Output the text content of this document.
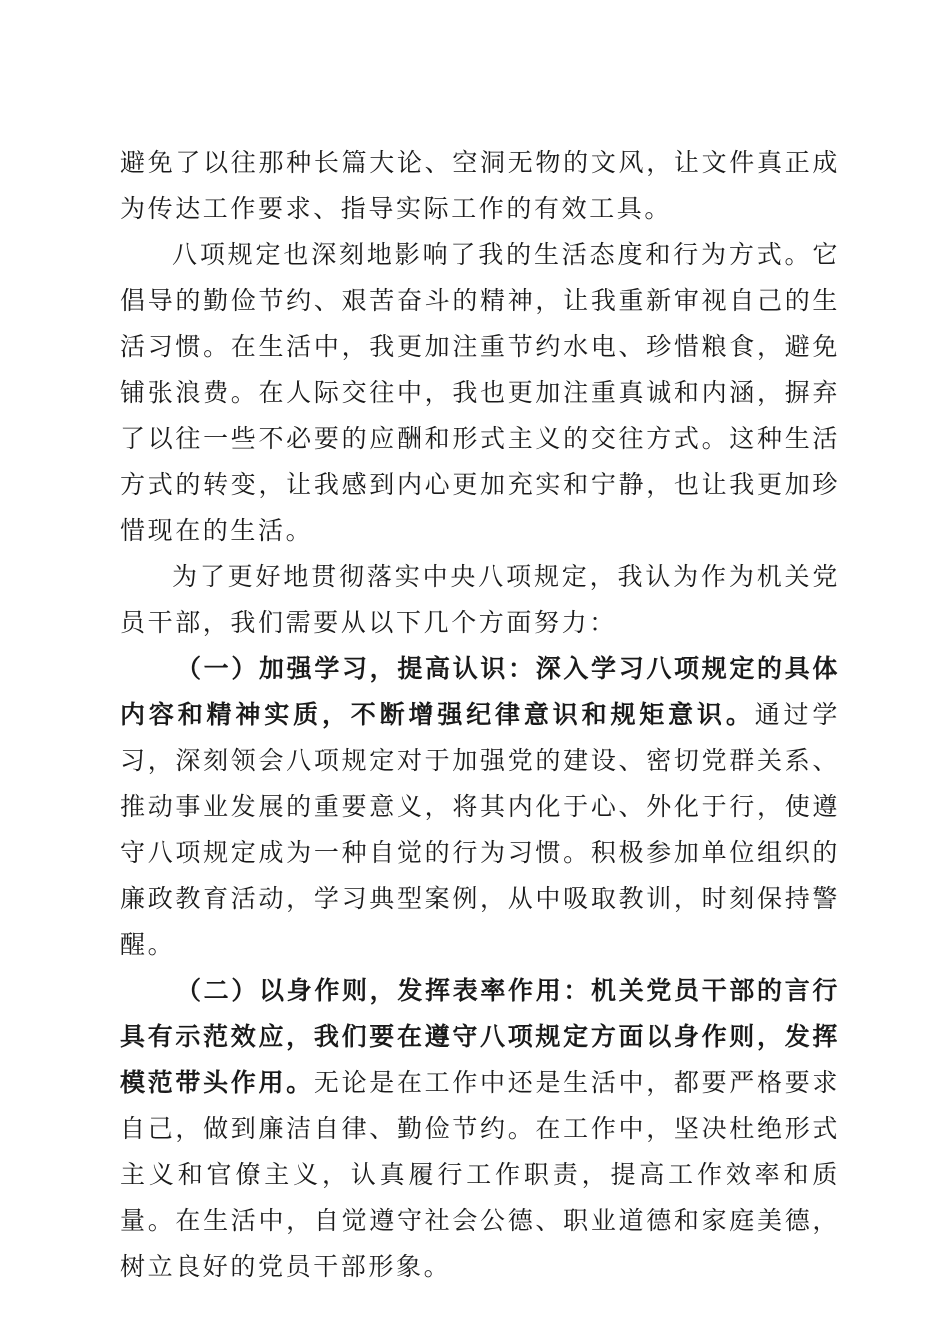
避免了以往那种长篇大论、空洞无物的文风，让文件真正成为传达工作要求、指导实际工作的有效工具。

八项规定也深刻地影响了我的生活态度和行为方式。它倡导的勤俭节约、艰苦奋斗的精神，让我重新审视自己的生活习惯。在生活中，我更加注重节约水电、珍惜粮食，避免铺张浪费。在人际交往中，我也更加注重真诚和内涵，摒弃了以往一些不必要的应酬和形式主义的交往方式。这种生活方式的转变，让我感到内心更加充实和宁静，也让我更加珍惜现在的生活。

为了更好地贯彻落实中央八项规定，我认为作为机关党员干部，我们需要从以下几个方面努力：

（一）加强学习，提高认识：深入学习八项规定的具体内容和精神实质，不断增强纪律意识和规矩意识。通过学习，深刻领会八项规定对于加强党的建设、密切党群关系、推动事业发展的重要意义，将其内化于心、外化于行，使遵守八项规定成为一种自觉的行为习惯。积极参加单位组织的廉政教育活动，学习典型案例，从中吸取教训，时刻保持警醒。

（二）以身作则，发挥表率作用：机关党员干部的言行具有示范效应，我们要在遵守八项规定方面以身作则，发挥模范带头作用。无论是在工作中还是生活中，都要严格要求自己，做到廉洁自律、勤俭节约。在工作中，坚决杜绝形式主义和官僚主义，认真履行工作职责，提高工作效率和质量。在生活中，自觉遵守社会公德、职业道德和家庭美德，树立良好的党员干部形象。
